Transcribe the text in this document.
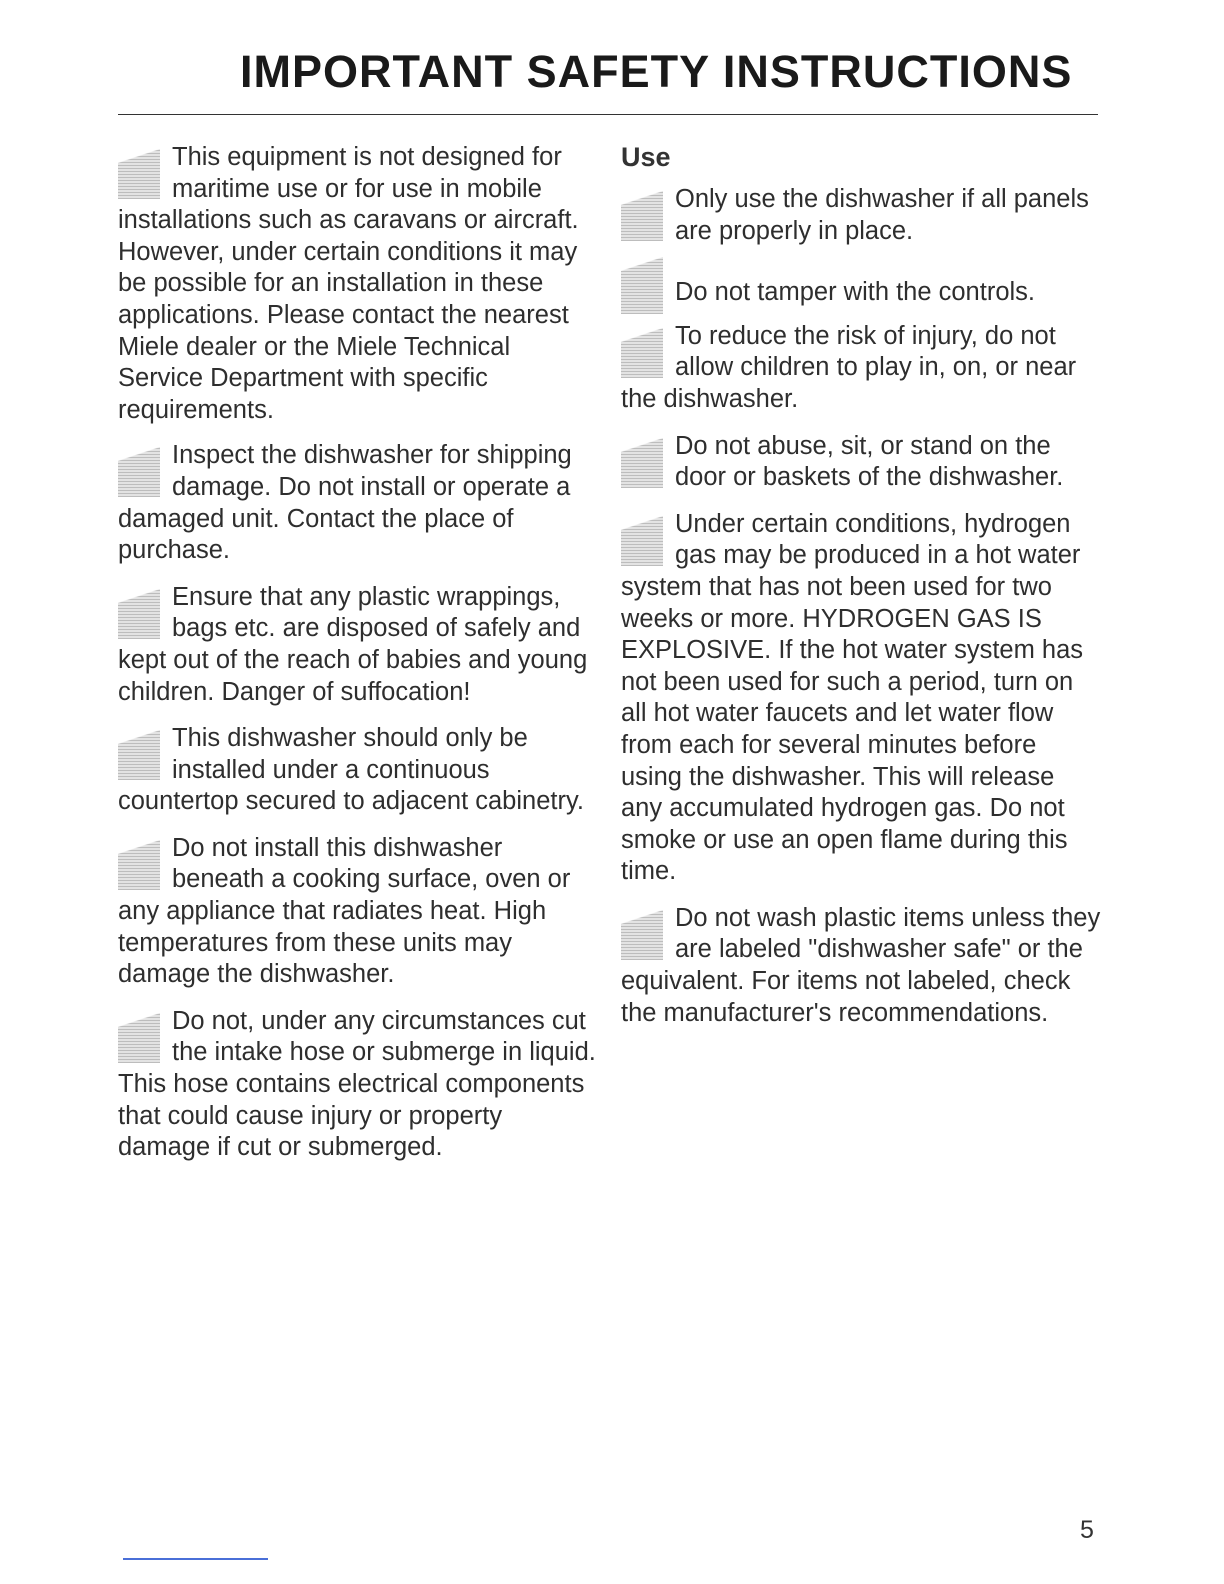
IMPORTANT SAFETY INSTRUCTIONS
This equipment is not designed for maritime use or for use in mobile installations such as caravans or aircraft. However, under certain conditions it may be possible for an installation in these applications. Please contact the nearest Miele dealer or the Miele Technical Service Department with specific requirements.
Inspect the dishwasher for shipping damage. Do not install or operate a damaged unit. Contact the place of purchase.
Ensure that any plastic wrappings, bags etc. are disposed of safely and kept out of the reach of babies and young children. Danger of suffocation!
This dishwasher should only be installed under a continuous countertop secured to adjacent cabinetry.
Do not install this dishwasher beneath a cooking surface, oven or any appliance that radiates heat. High temperatures from these units may damage the dishwasher.
Do not, under any circumstances cut the intake hose or submerge in liquid. This hose contains electrical components that could cause injury or property damage if cut or submerged.
Use
Only use the dishwasher if all panels are properly in place.
Do not tamper with the controls.
To reduce the risk of injury, do not allow children to play in, on, or near the dishwasher.
Do not abuse, sit, or stand on the door or baskets of the dishwasher.
Under certain conditions, hydrogen gas may be produced in a hot water system that has not been used for two weeks or more. HYDROGEN GAS IS EXPLOSIVE. If the hot water system has not been used for such a period, turn on all hot water faucets and let water flow from each for several minutes before using the dishwasher. This will release any accumulated hydrogen gas. Do not smoke or use an open flame during this time.
Do not wash plastic items unless they are labeled "dishwasher safe" or the equivalent. For items not labeled, check the manufacturer's recommendations.
5
